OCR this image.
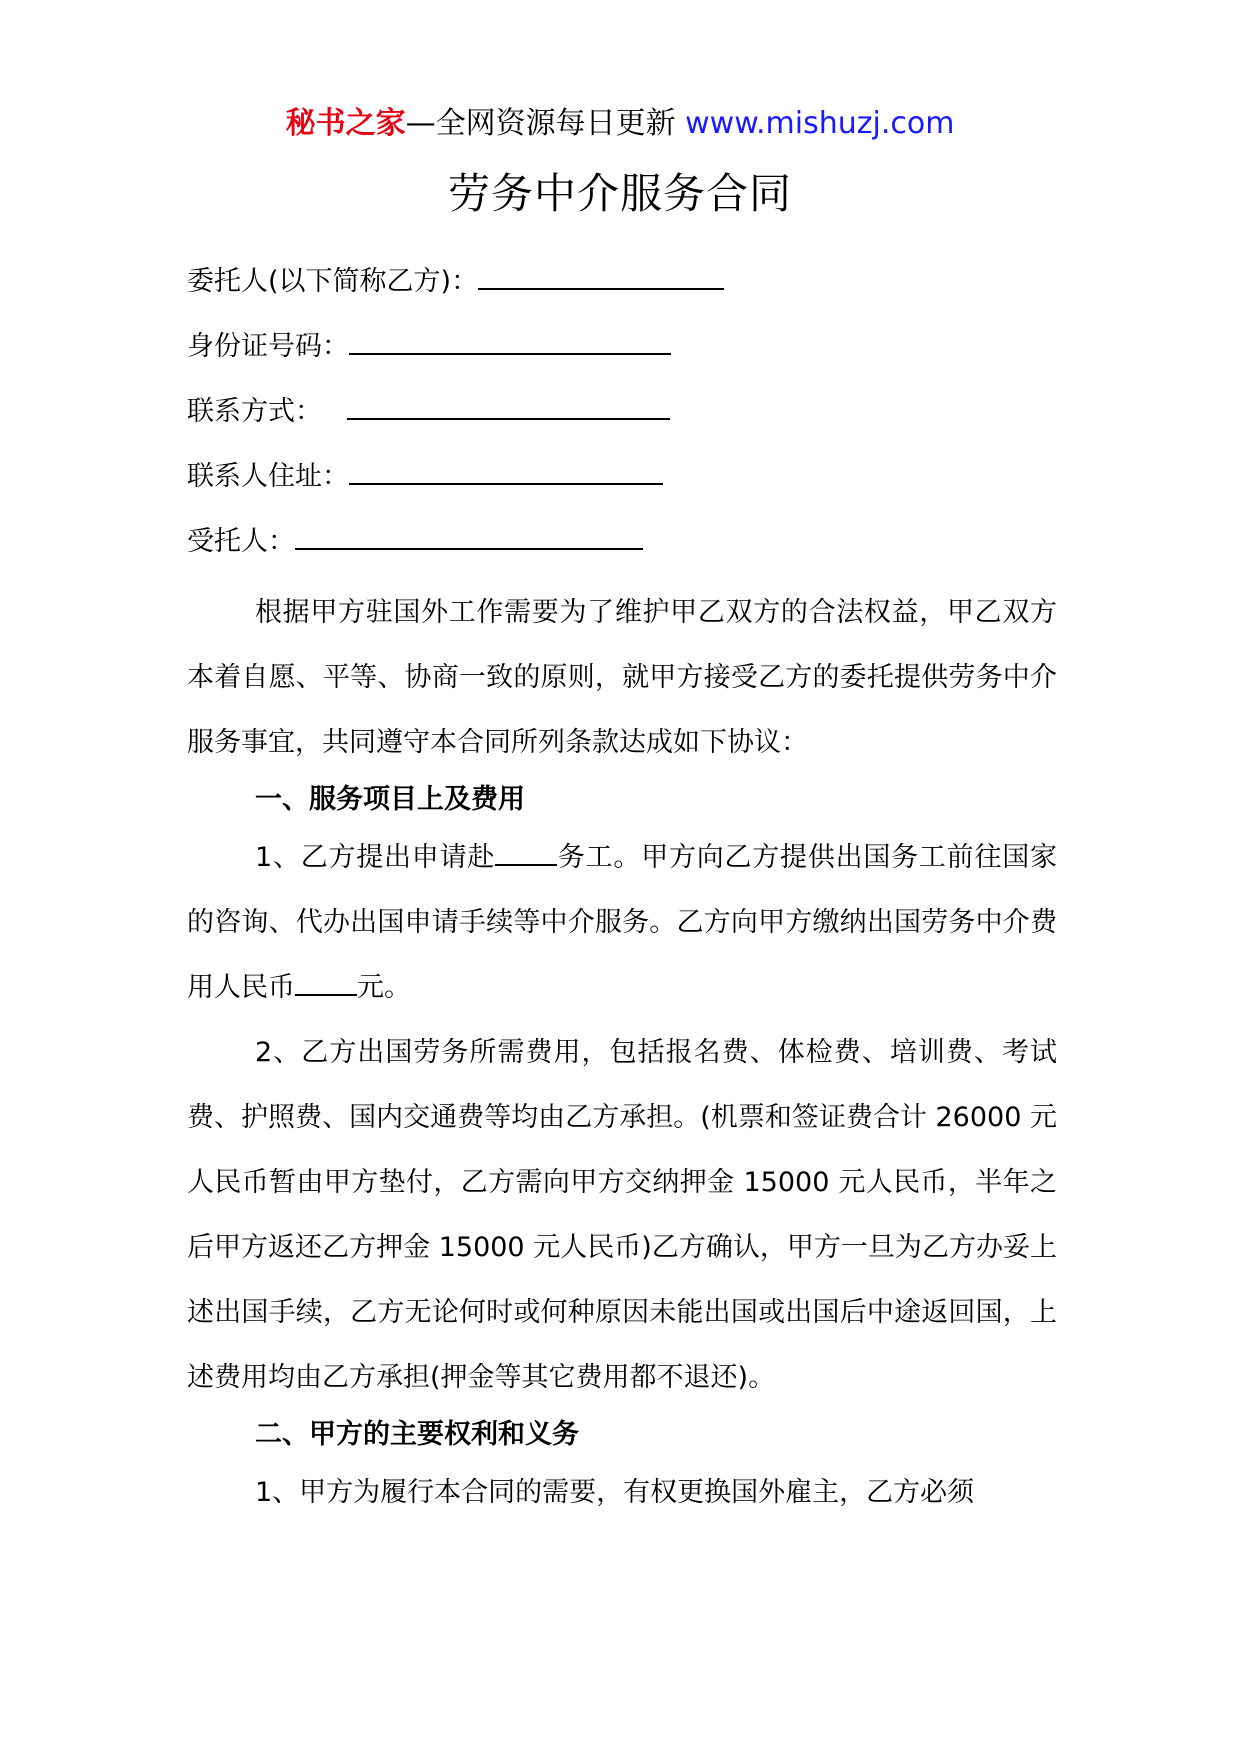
秘书之家—全网资源每日更新 www.mishuzj.com
劳务中介服务合同
委托人(以下简称乙方)：
身份证号码：
联系方式：
联系人住址：
受托人：

根据甲方驻国外工作需要为了维护甲乙双方的合法权益，甲乙双方本着自愿、平等、协商一致的原则，就甲方接受乙方的委托提供劳务中介服务事宜，共同遵守本合同所列条款达成如下协议：

一、服务项目上及费用

1、乙方提出申请赴 务工。甲方向乙方提供出国务工前往国家的咨询、代办出国申请手续等中介服务。乙方向甲方缴纳出国劳务中介费用人民币 元。

2、乙方出国劳务所需费用，包括报名费、体检费、培训费、考试费、护照费、国内交通费等均由乙方承担。(机票和签证费合计 26000 元人民币暂由甲方垫付，乙方需向甲方交纳押金 15000 元人民币，半年之后甲方返还乙方押金 15000 元人民币)乙方确认，甲方一旦为乙方办妥上述出国手续，乙方无论何时或何种原因未能出国或出国后中途返回国，上述费用均由乙方承担(押金等其它费用都不退还)。

二、甲方的主要权利和义务

1、甲方为履行本合同的需要，有权更换国外雇主，乙方必须
